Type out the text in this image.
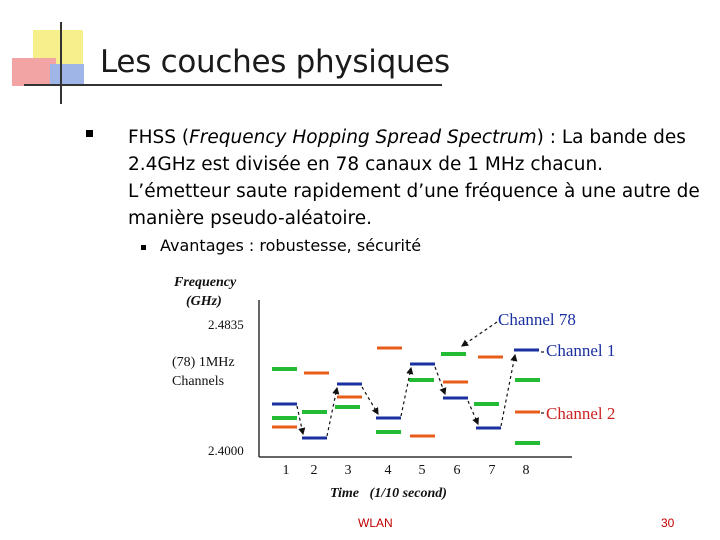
Les couches physiques
FHSS (Frequency Hopping Spread Spectrum) : La bande des 2.4GHz est divisée en 78 canaux de 1 MHz chacun. L’émetteur saute rapidement d’une fréquence à une autre de manière pseudo-aléatoire.
Avantages : robustesse, sécurité
Frequency
(GHz)
2.4835
(78) 1MHz
Channels
2.4000
1 2 3 4 5 6 7 8
Time   (1/10 second)
Channel 78
Channel 1
Channel 2
WLAN	30
